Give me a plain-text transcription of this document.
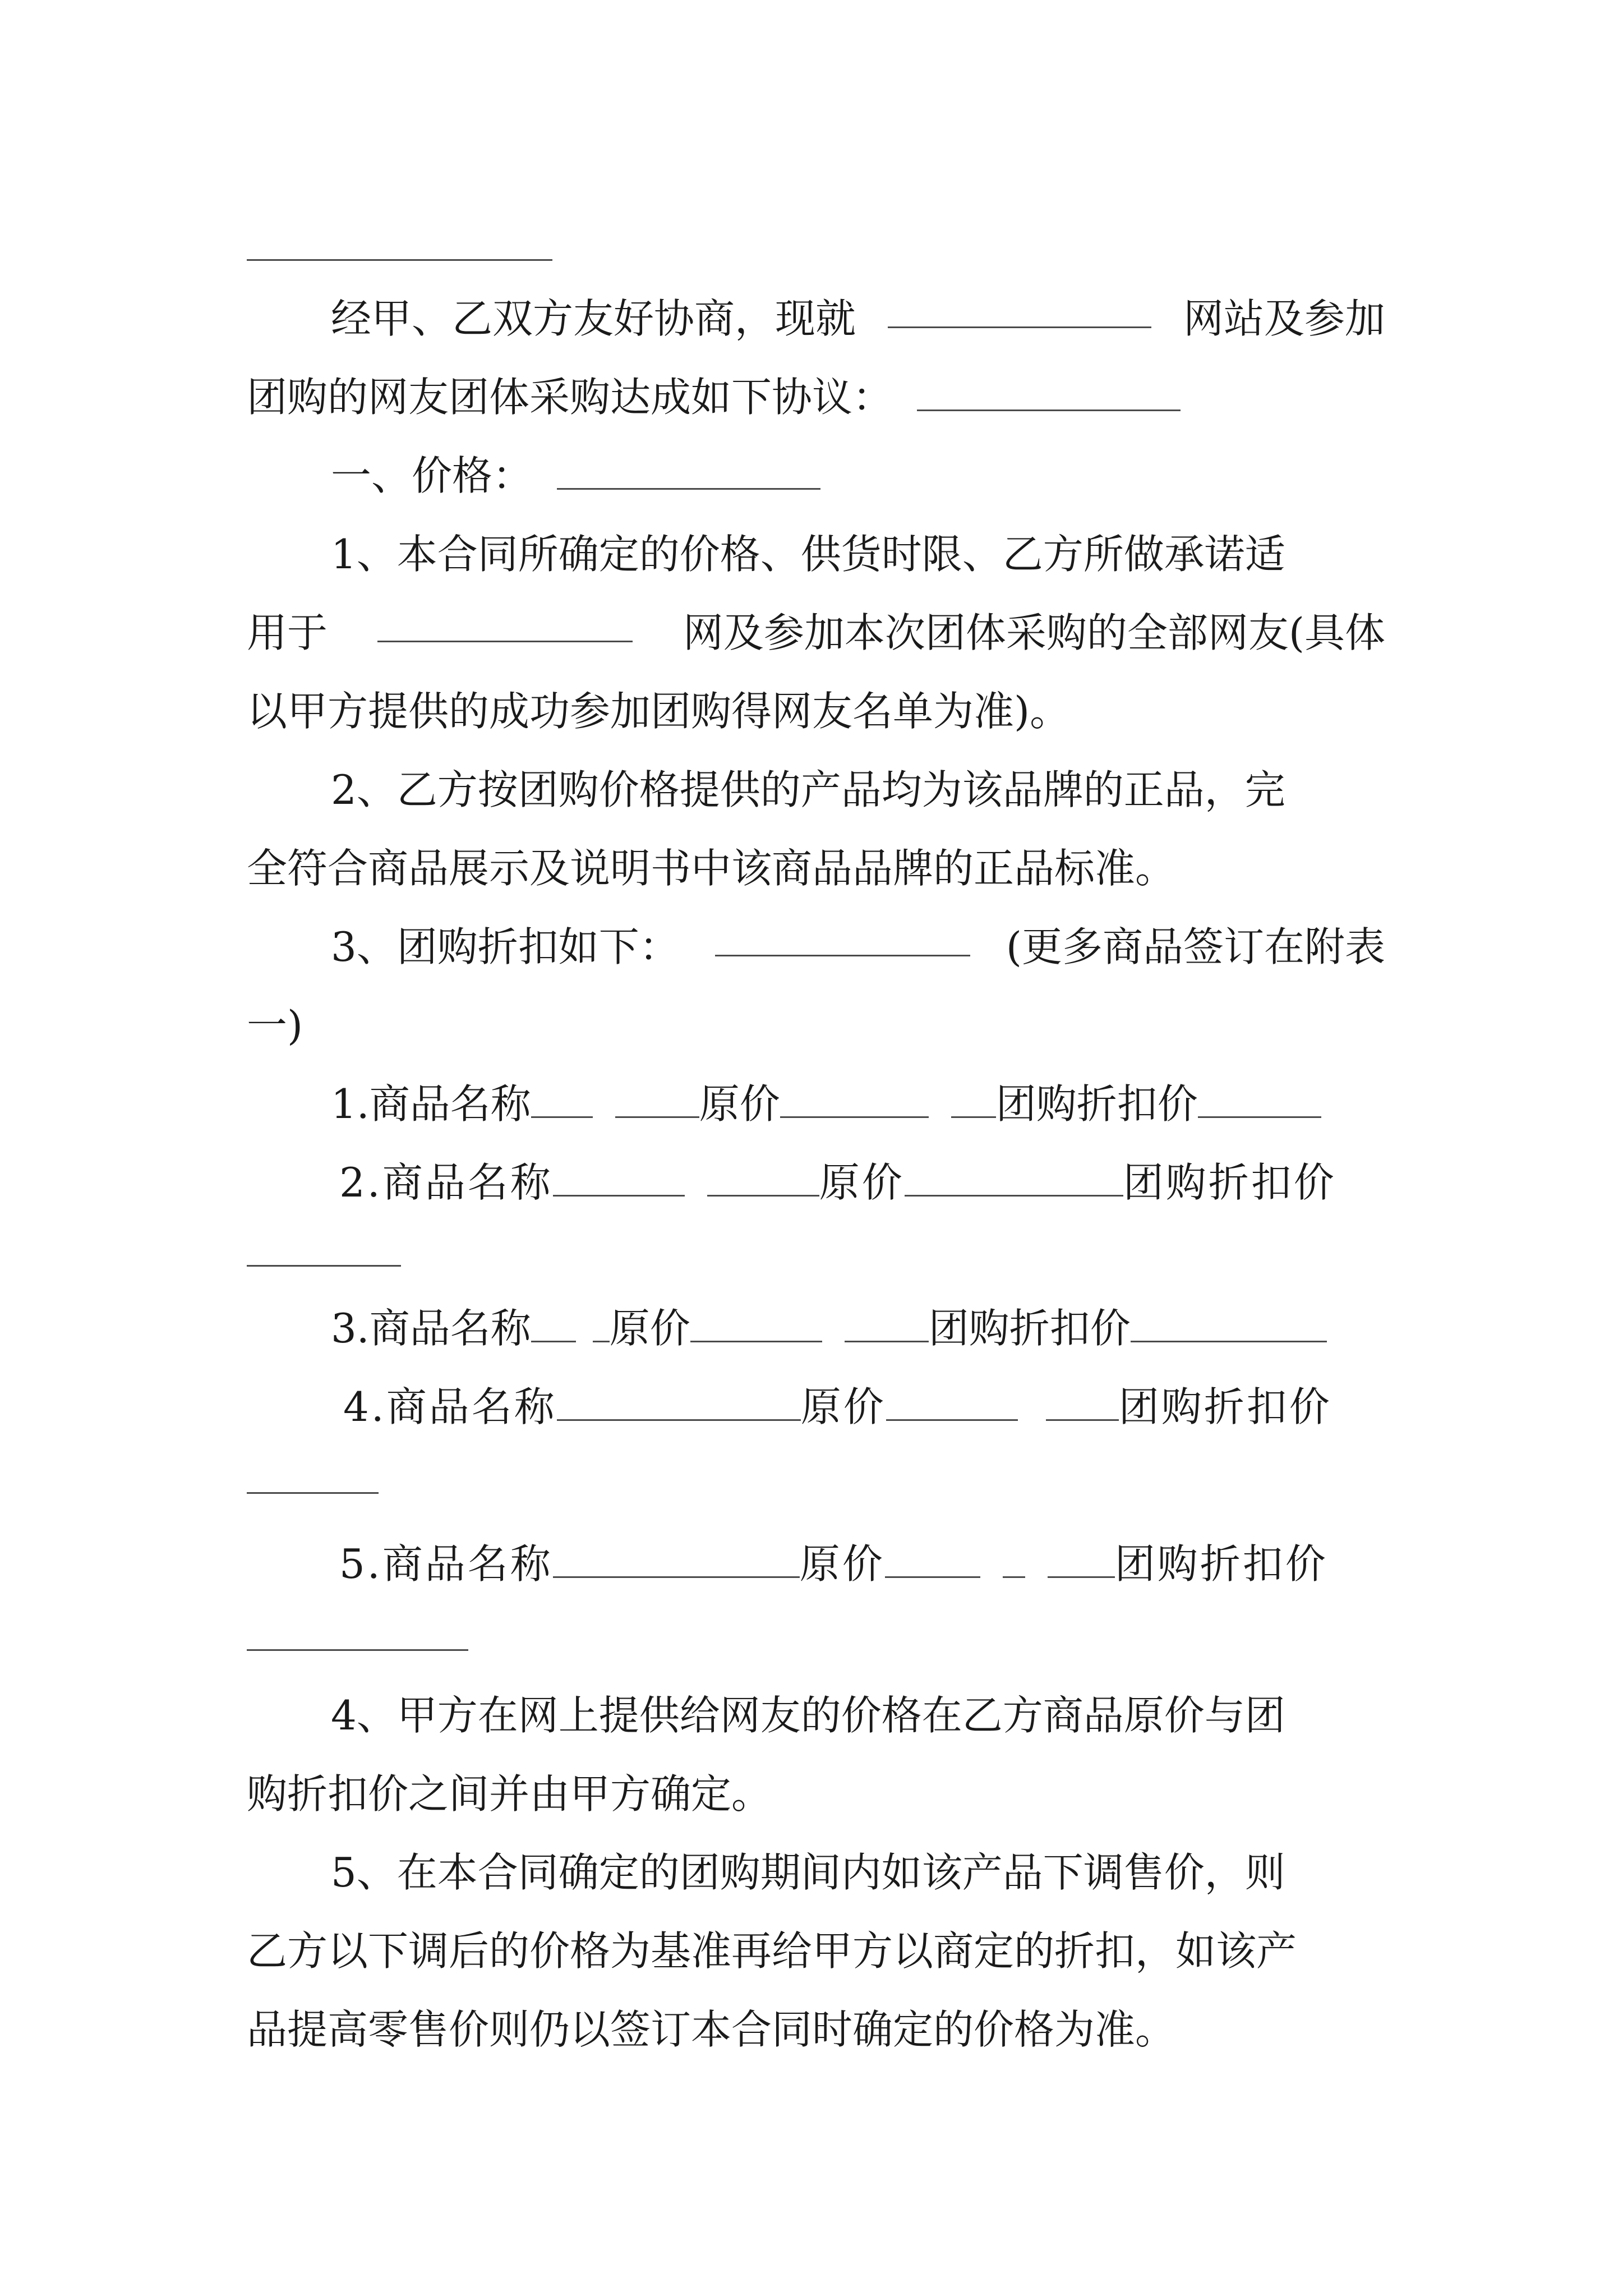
经甲、乙双方友好协商，现就	网站及参加
团购的网友团体采购达成如下协议：
一、价格：
1、本合同所确定的价格、供货时限、乙方所做承诺适
用于	网及参加本次团体采购的全部网友(具体
以甲方提供的成功参加团购得网友名单为准)。
2、乙方按团购价格提供的产品均为该品牌的正品，完
全符合商品展示及说明书中该商品品牌的正品标准。
3、团购折扣如下：	(更多商品签订在附表
一)
1.商品名称	原价	团购折扣价
2.商品名称	原价	团购折扣价
3.商品名称 原价	团购折扣价
4.商品名称	原价	团购折扣价
5.商品名称	原价	团购折扣价
4、甲方在网上提供给网友的价格在乙方商品原价与团
购折扣价之间并由甲方确定。
5、在本合同确定的团购期间内如该产品下调售价，则
乙方以下调后的价格为基准再给甲方以商定的折扣，如该产
品提高零售价则仍以签订本合同时确定的价格为准。
